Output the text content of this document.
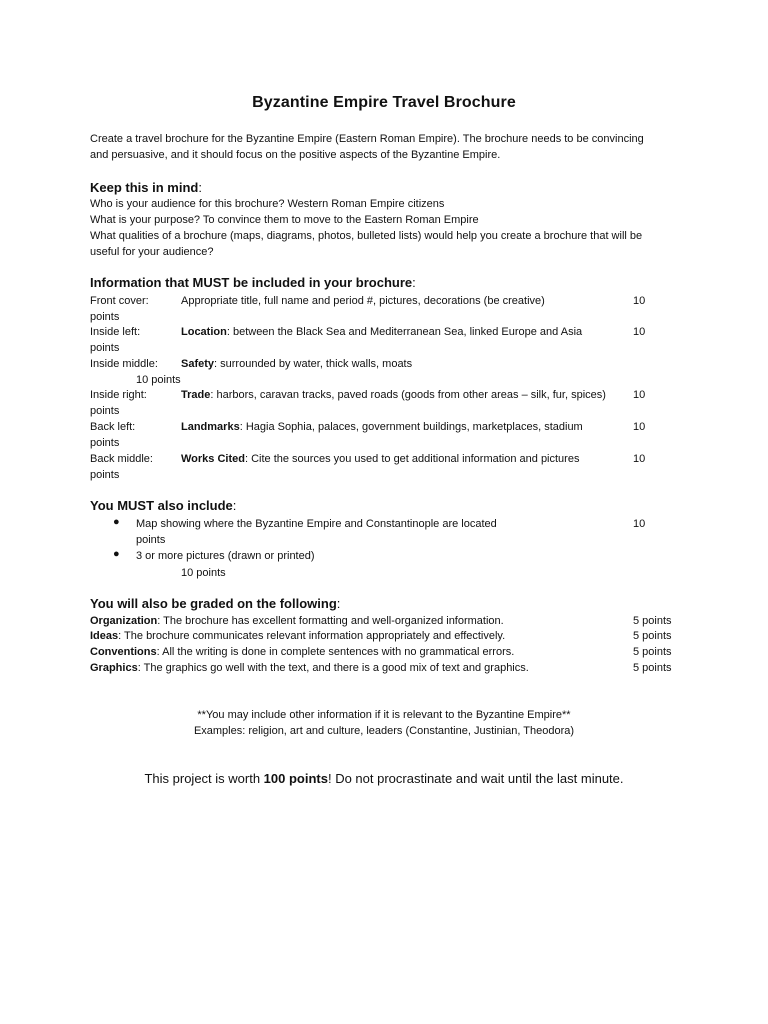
Byzantine Empire Travel Brochure
Create a travel brochure for the Byzantine Empire (Eastern Roman Empire). The brochure needs to be convincing
and persuasive, and it should focus on the positive aspects of the Byzantine Empire.
Keep this in mind:
Who is your audience for this brochure? Western Roman Empire citizens
What is your purpose? To convince them to move to the Eastern Roman Empire
What qualities of a brochure (maps, diagrams, photos, bulleted lists) would help you create a brochure that will be
useful for your audience?
Information that MUST be included in your brochure:
Front cover:	Appropriate title, full name and period #, pictures, decorations (be creative)	10
points
Inside left:	Location: between the Black Sea and Mediterranean Sea, linked Europe and Asia	10
points
Inside middle: Safety: surrounded by water, thick walls, moats
10 points
Inside right:	Trade: harbors, caravan tracks, paved roads (goods from other areas – silk, fur, spices) 10
points
Back left:	Landmarks: Hagia Sophia, palaces, government buildings, marketplaces, stadium	10
points
Back middle:	Works Cited: Cite the sources you used to get additional information and pictures	10
points
You MUST also include:
● Map showing where the Byzantine Empire and Constantinople are located	10
points
● 3 or more pictures (drawn or printed)
10 points
You will also be graded on the following:
Organization: The brochure has excellent formatting and well-organized information.	5 points
Ideas: The brochure communicates relevant information appropriately and effectively.	5 points
Conventions: All the writing is done in complete sentences with no grammatical errors.	5 points
Graphics: The graphics go well with the text, and there is a good mix of text and graphics.	5 points
**You may include other information if it is relevant to the Byzantine Empire**
Examples: religion, art and culture, leaders (Constantine, Justinian, Theodora)
This project is worth 100 points! Do not procrastinate and wait until the last minute.
